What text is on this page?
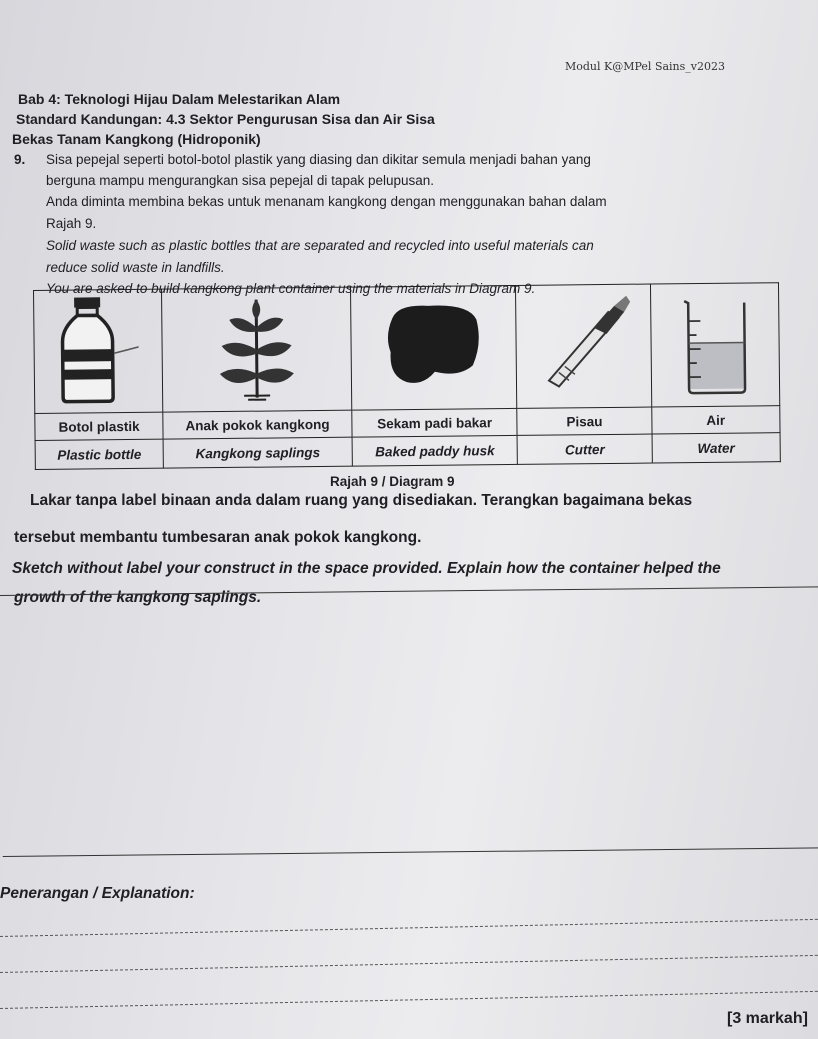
Modul K@MPel Sains_v2023
Bab 4: Teknologi Hijau Dalam Melestarikan Alam
Standard Kandungan: 4.3 Sektor Pengurusan Sisa dan Air Sisa
Bekas Tanam Kangkong (Hidroponik)
9. Sisa pepejal seperti botol-botol plastik yang diasing dan dikitar semula menjadi bahan yang
berguna mampu mengurangkan sisa pepejal di tapak pelupusan.
Anda diminta membina bekas untuk menanam kangkong dengan menggunakan bahan dalam
Rajah 9.
Solid waste such as plastic bottles that are separated and recycled into useful materials can
reduce solid waste in landfills.
You are asked to build kangkong plant container using the materials in Diagram 9.

Botol plastik	Anak pokok kangkong	Sekam padi bakar	Pisau	Air
Plastic bottle	Kangkong saplings	Baked paddy husk	Cutter	Water
Rajah 9 / Diagram 9
Lakar tanpa label binaan anda dalam ruang yang disediakan. Terangkan bagaimana bekas
tersebut membantu tumbesaran anak pokok kangkong.
Sketch without label your construct in the space provided. Explain how the container helped the
growth of the kangkong saplings.
Penerangan / Explanation:
[3 markah]
